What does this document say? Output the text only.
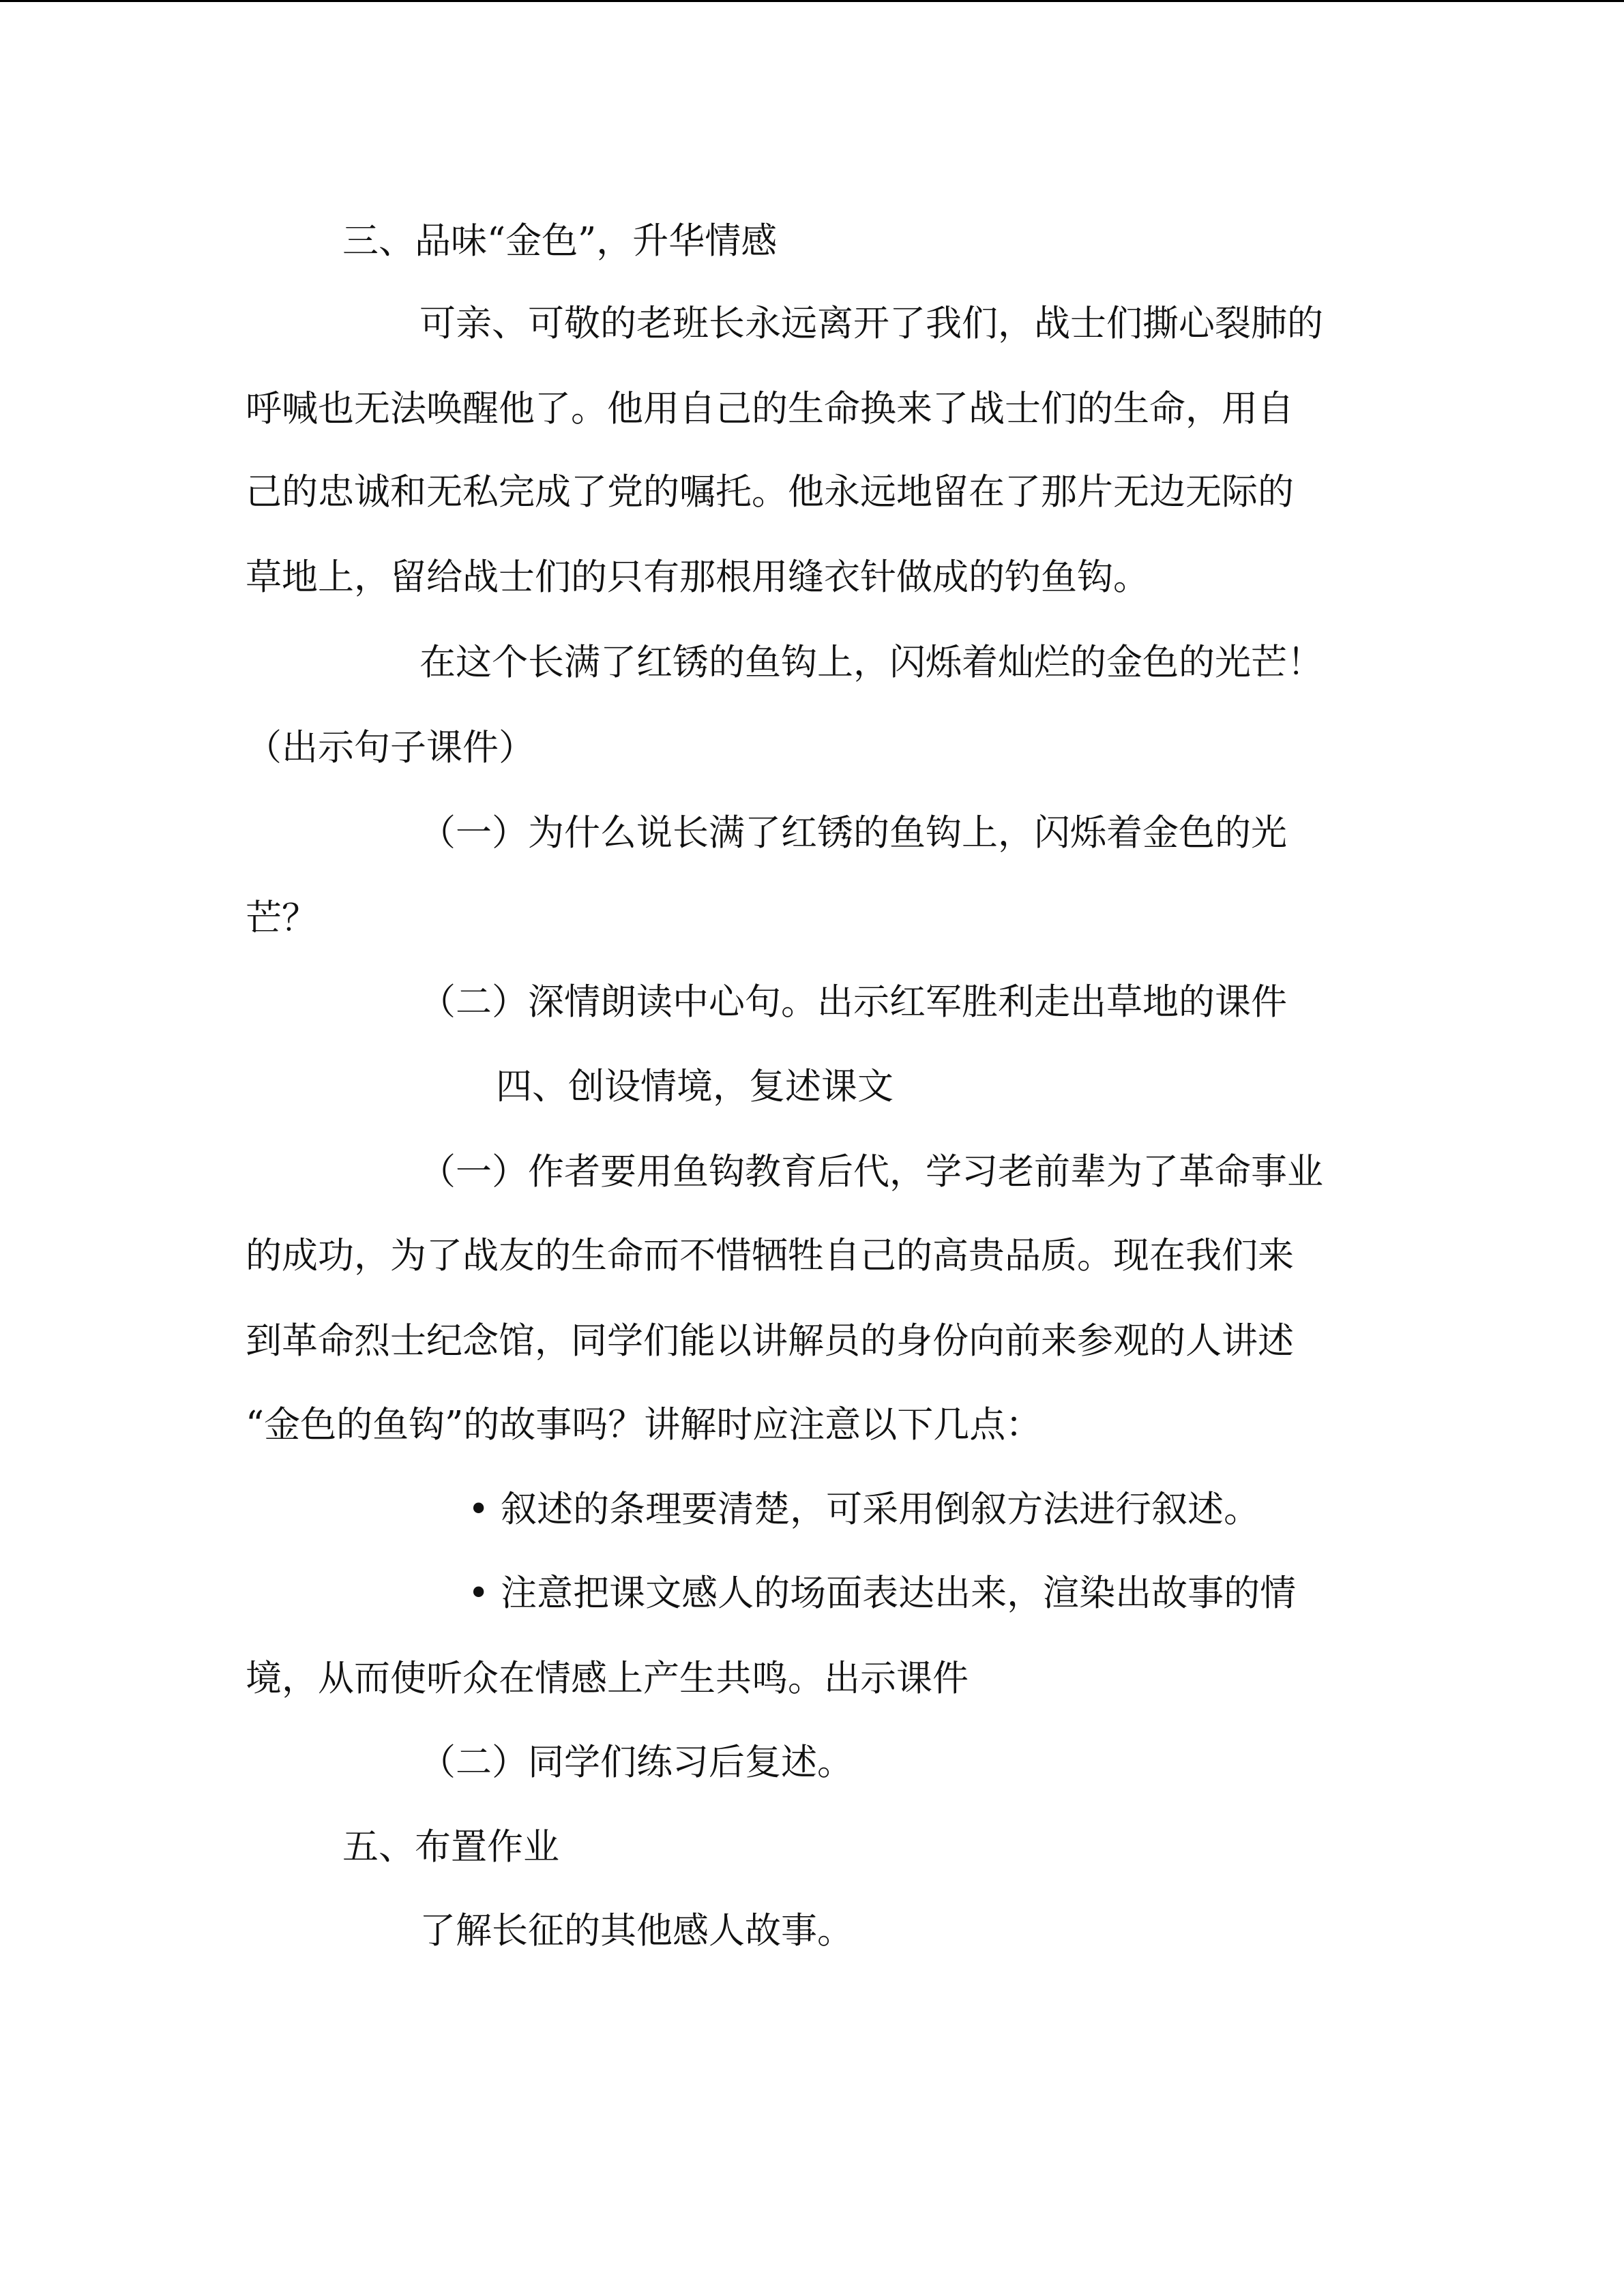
三、品味“金色”，升华情感
可亲、可敬的老班长永远离开了我们，战士们撕心裂肺的
呼喊也无法唤醒他了。他用自己的生命换来了战士们的生命，用自
己的忠诚和无私完成了党的嘱托。他永远地留在了那片无边无际的
草地上，留给战士们的只有那根用缝衣针做成的钓鱼钩。
在这个长满了红锈的鱼钩上，闪烁着灿烂的金色的光芒！
（出示句子课件）
（一）为什么说长满了红锈的鱼钩上，闪烁着金色的光
芒？
（二）深情朗读中心句。出示红军胜利走出草地的课件
四、创设情境，复述课文
（一）作者要用鱼钩教育后代，学习老前辈为了革命事业
的成功，为了战友的生命而不惜牺牲自己的高贵品质。现在我们来
到革命烈士纪念馆，同学们能以讲解员的身份向前来参观的人讲述
“金色的鱼钩”的故事吗？讲解时应注意以下几点：
• 叙述的条理要清楚，可采用倒叙方法进行叙述。
• 注意把课文感人的场面表达出来，渲染出故事的情
境，从而使听众在情感上产生共鸣。出示课件
（二）同学们练习后复述。
五、布置作业
了解长征的其他感人故事。
